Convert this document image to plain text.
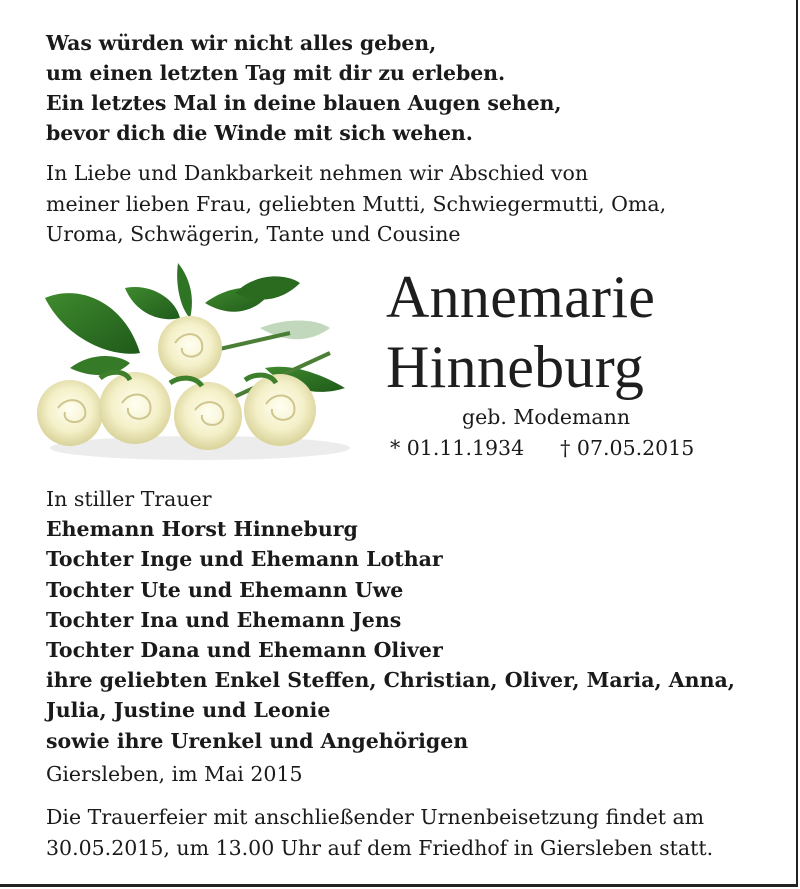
Was würden wir nicht alles geben,
um einen letzten Tag mit dir zu erleben.
Ein letztes Mal in deine blauen Augen sehen,
bevor dich die Winde mit sich wehen.
In Liebe und Dankbarkeit nehmen wir Abschied von
meiner lieben Frau, geliebten Mutti, Schwiegermutti, Oma,
Uroma, Schwägerin, Tante und Cousine
Annemarie
Hinneburg
geb. Modemann
* 01.11.1934 † 07.05.2015
In stiller Trauer
Ehemann Horst Hinneburg
Tochter Inge und Ehemann Lothar
Tochter Ute und Ehemann Uwe
Tochter Ina und Ehemann Jens
Tochter Dana und Ehemann Oliver
ihre geliebten Enkel Steffen, Christian, Oliver, Maria, Anna,
Julia, Justine und Leonie
sowie ihre Urenkel und Angehörigen
Giersleben, im Mai 2015
Die Trauerfeier mit anschließender Urnenbeisetzung findet am
30.05.2015, um 13.00 Uhr auf dem Friedhof in Giersleben statt.
